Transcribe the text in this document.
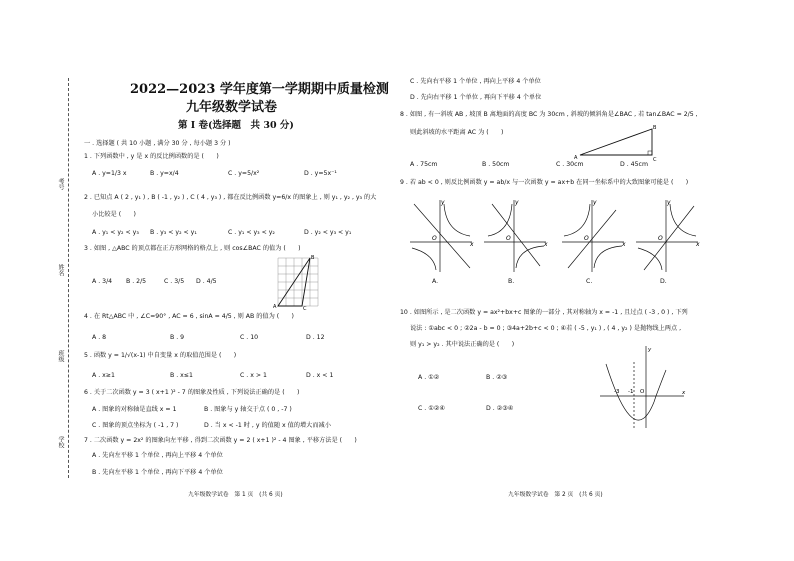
考号
姓名
班级
学校
2022—2023 学年度第一学期期中质量检测
九年级数学试卷
第 I 卷(选择题　共 30 分)
一 . 选择题 ( 共 10 小题 , 满分 30 分 , 每小题 3 分 )
1 . 下列函数中 , y 是 x 的反比例函数的是 (　　)
A . y=1/3 x	B . y=x/4	C . y=5/x²	D . y=5x⁻¹
2 . 已知点 A ( 2 , y₁ ) , B ( -1 , y₂ ) , C ( 4 , y₃ ) , 都在反比例函数 y=6/x 的图象上 , 则 y₁ , y₂ , y₃ 的大
小比较是 (　　)
A . y₁ < y₂ < y₃ B . y₃ < y₂ < y₁	C . y₁ < y₃ < y₂	D . y₂ < y₃ < y₁
3 . 如图 , △ABC 的顶点都在正方形网格的格点上 , 则 cos∠BAC 的值为 (　　)
A . 3/4 B . 2/5	C . 3/5 D . 4/5
A
B
C
4 . 在 Rt△ABC 中 , ∠C=90° , AC = 6 , sinA = 4/5 , 则 AB 的值为 (　　)
A . 8	B . 9	C . 10	D . 12
5 . 函数 y = 1/√(x-1) 中自变量 x 的取值范围是 (　　)
A . x≥1	B . x≤1	C . x > 1	D . x < 1
6 . 关于二次函数 y = 3 ( x+1 )² - 7 的图象及性质 , 下列说法正确的是 (　　)
A . 图象的对称轴是直线 x = 1	B . 图象与 y 轴交于点 ( 0 , -7 )
C . 图象的顶点坐标为 ( -1 , 7 )	D . 当 x < -1 时 , y 的值随 x 值的增大而减小
7 . 二次函数 y = 2x² 的图象向左平移 , 得到二次函数 y = 2 ( x+1 )² - 4 图象 , 平移方法是 (　　)
A . 先向左平移 1 个单位 , 再向上平移 4 个单位
B . 先向左平移 1 个单位 , 再向下平移 4 个单位
九年级数学试卷　第 1 页　(共 6 页)
C . 先向右平移 1 个单位 , 再向上平移 4 个单位
D . 先向右平移 1 个单位 , 再向下平移 4 个单位
8 . 如图 , 有一斜坡 AB , 坡顶 B 离地面的高度 BC 为 30cm , 斜坡的倾斜角是∠BAC , 若 tan∠BAC = 2/5 ,
则此斜坡的水平距离 AC 为 (　　)
A
B
C
A . 75cm	B . 50cm	C . 30cm	D . 45cm
9 . 若 ab < 0 , 则反比例函数 y = ab/x 与一次函数 y = ax+b 在同一坐标系中的大致图象可能是 (　　)
O
x
y
O
x
y
O
x
y
O
x
y
A.	B.	C.	D.
10 . 如图所示 , 是二次函数 y = ax²+bx+c 图象的一部分 , 其对称轴为 x = -1 , 且过点 ( -3 , 0 ) , 下列
说法 : ①abc < 0 ; ②2a - b = 0 ; ③4a+2b+c < 0 ; ④若 ( -5 , y₁ ) , ( 4 , y₂ ) 是抛物线上两点 ,
则 y₁ > y₂ . 其中说法正确的是 (　　)
A . ①②	B . ②③
C . ①②④	D . ②③④
y
x
-3 -1 O
九年级数学试卷　第 2 页　(共 6 页)
